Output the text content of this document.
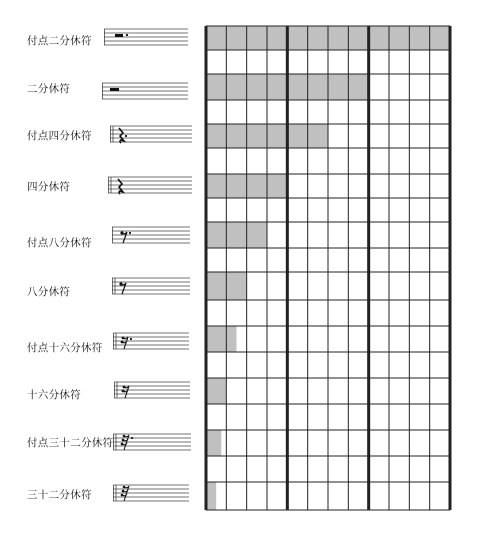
付点二分休符
二分休符
付点四分休符
四分休符
付点八分休符
八分休符
付点十六分休符
十六分休符
付点三十二分休符
三十二分休符
